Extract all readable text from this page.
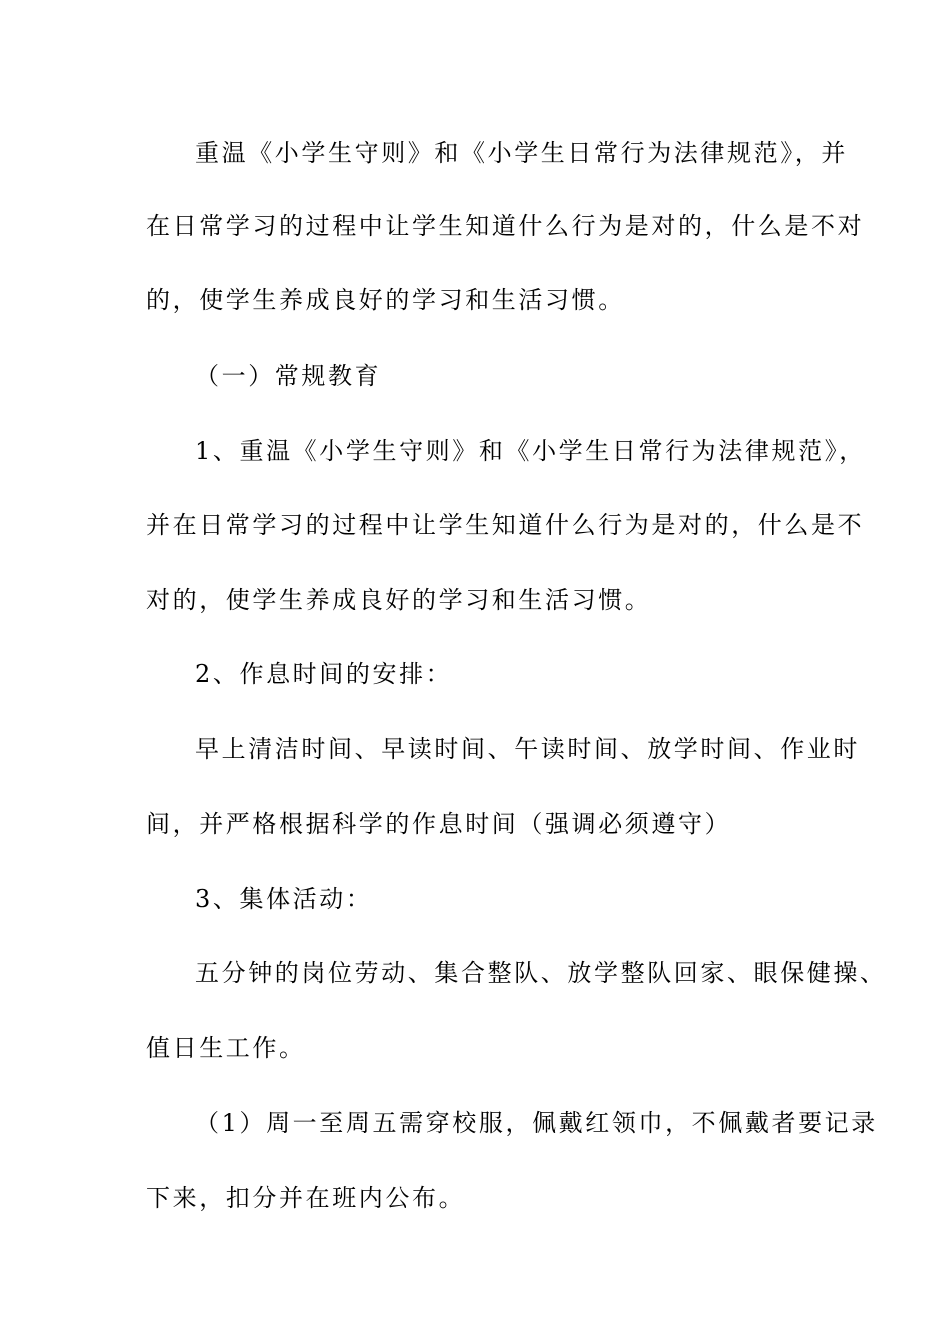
重温《小学生守则》和《小学生日常行为法律规范》，并
在日常学习的过程中让学生知道什么行为是对的，什么是不对
的，使学生养成良好的学习和生活习惯。
（一）常规教育
1、重温《小学生守则》和《小学生日常行为法律规范》，
并在日常学习的过程中让学生知道什么行为是对的，什么是不
对的，使学生养成良好的学习和生活习惯。
2、作息时间的安排：
早上清洁时间、早读时间、午读时间、放学时间、作业时
间，并严格根据科学的作息时间（强调必须遵守）
3、集体活动：
五分钟的岗位劳动、集合整队、放学整队回家、眼保健操、
值日生工作。
（1）周一至周五需穿校服，佩戴红领巾，不佩戴者要记录
下来，扣分并在班内公布。
